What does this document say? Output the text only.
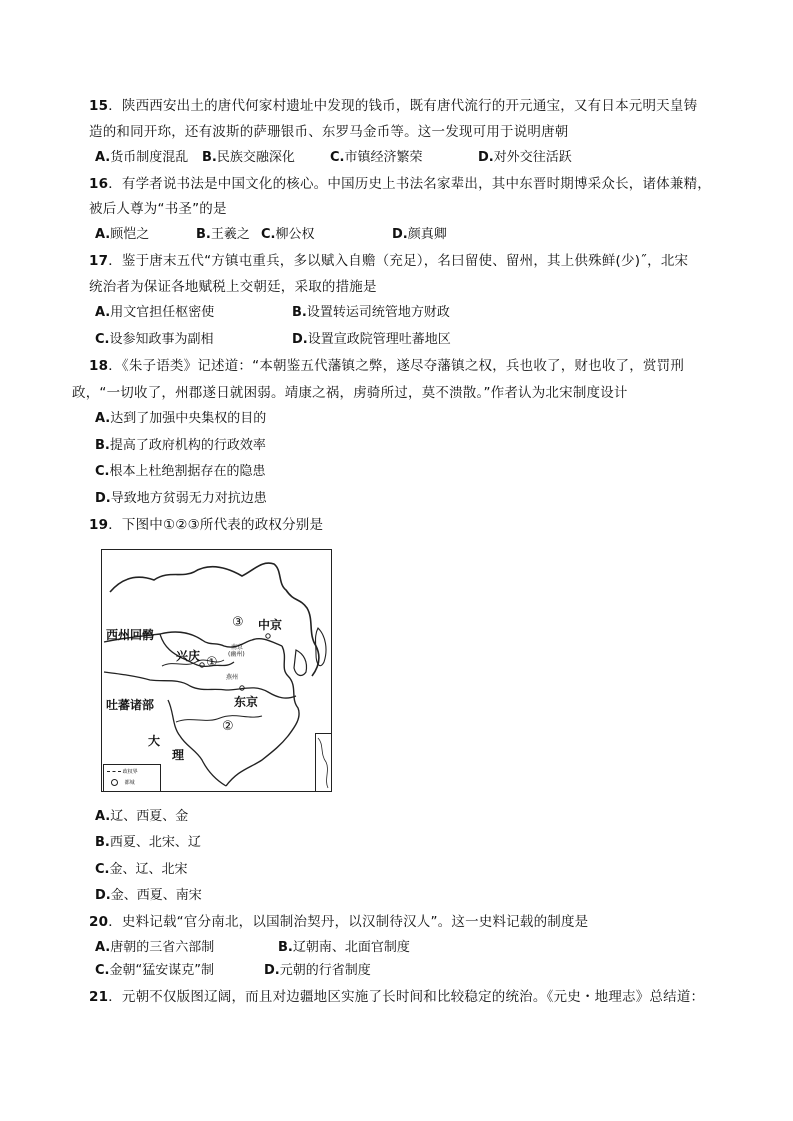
15．陕西西安出土的唐代何家村遗址中发现的钱币，既有唐代流行的开元通宝，又有日本元明天皇铸
造的和同开珎，还有波斯的萨珊银币、东罗马金币等。这一发现可用于说明唐朝
A.货币制度混乱 B.民族交融深化	C.市镇经济繁荣	D.对外交往活跃
16．有学者说书法是中国文化的核心。中国历史上书法名家辈出，其中东晋时期博采众长，诸体兼精，
被后人尊为“书圣”的是
A.顾恺之	B.王羲之 C.柳公权	D.颜真卿
17．鉴于唐末五代“方镇屯重兵，多以赋入自赡（充足），名曰留使、留州，其上供殊鲜(少)˝，北宋
统治者为保证各地赋税上交朝廷，采取的措施是
A.用文官担任枢密使	B.设置转运司统管地方财政
C.设参知政事为副相	D.设置宣政院管理吐蕃地区
18．《朱子语类》记述道：“本朝鉴五代藩镇之弊，遂尽夺藩镇之权，兵也收了，财也收了，赏罚刑
政，“一切收了，州郡遂日就困弱。靖康之祸，虏骑所过，莫不溃散。”作者认为北宋制度设计
A.达到了加强中央集权的目的
B.提高了政府机构的行政效率
C.根本上杜绝割据存在的隐患
D.导致地方贫弱无力对抗边患
19．下图中①②③所代表的政权分别是
西州回鹘
兴庆 ①
③ 中京
南京
(幽州)
燕州
东京
吐蕃诸部
②
大
理
政权界
都城
A.辽、西夏、金
B.西夏、北宋、辽
C.金、辽、北宋
D.金、西夏、南宋
20．史料记载“官分南北，以国制治契丹，以汉制待汉人”。这一史料记载的制度是
A.唐朝的三省六部制	B.辽朝南、北面官制度
C.金朝“猛安谋克”制	D.元朝的行省制度
21．元朝不仅版图辽阔，而且对边疆地区实施了长时间和比较稳定的统治。《元史・地理志》总结道：
